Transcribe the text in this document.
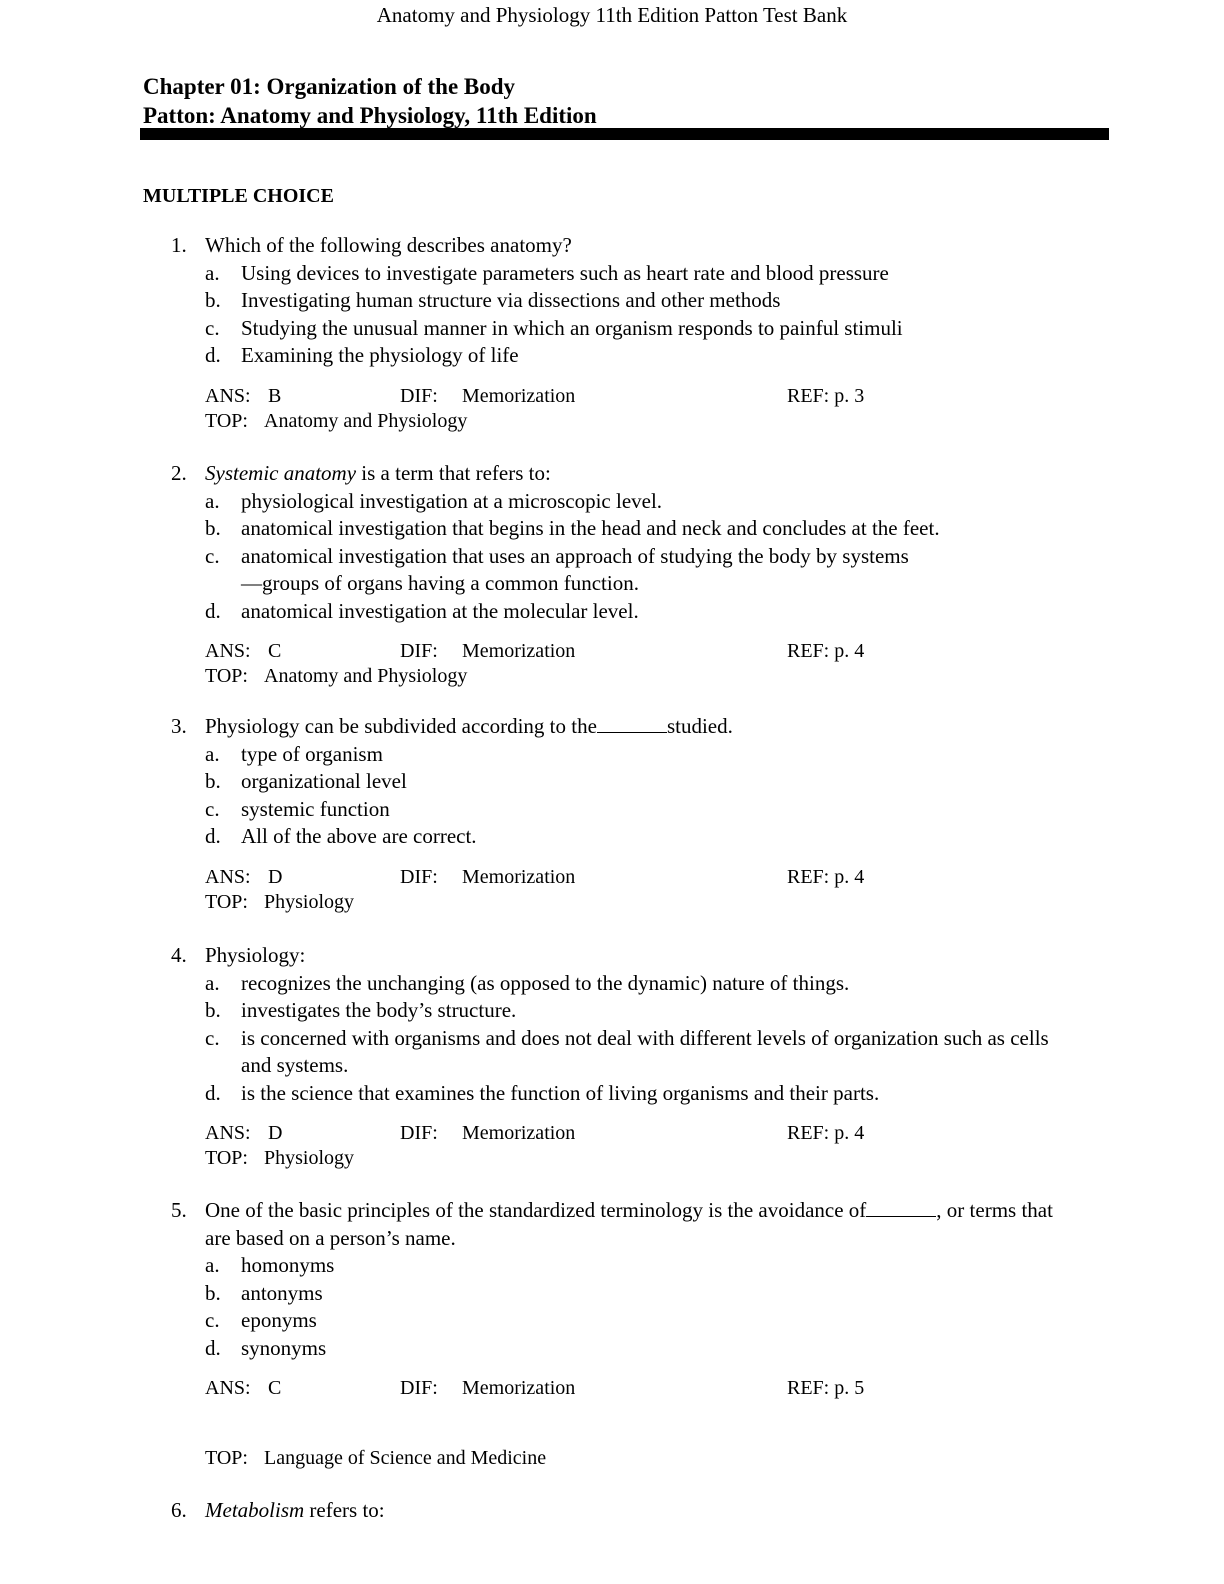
Anatomy and Physiology 11th Edition Patton Test Bank
Chapter 01: Organization of the Body
Patton: Anatomy and Physiology, 11th Edition
MULTIPLE CHOICE
1. Which of the following describes anatomy?
a. Using devices to investigate parameters such as heart rate and blood pressure
b. Investigating human structure via dissections and other methods
c. Studying the unusual manner in which an organism responds to painful stimuli
d. Examining the physiology of life
ANS: B	DIF: Memorization	REF: p. 3
TOP: Anatomy and Physiology
2. Systemic anatomy is a term that refers to:
a. physiological investigation at a microscopic level.
b. anatomical investigation that begins in the head and neck and concludes at the feet.
c. anatomical investigation that uses an approach of studying the body by systems—groups of organs having a common function.
d. anatomical investigation at the molecular level.
ANS: C	DIF: Memorization	REF: p. 4
TOP: Anatomy and Physiology
3. Physiology can be subdivided according to the	studied.
a. type of organism
b. organizational level
c. systemic function
d. All of the above are correct.
ANS: D	DIF: Memorization	REF: p. 4
TOP: Physiology
4. Physiology:
a. recognizes the unchanging (as opposed to the dynamic) nature of things.
b. investigates the body’s structure.
c. is concerned with organisms and does not deal with different levels of organization such as cells and systems.
d. is the science that examines the function of living organisms and their parts.
ANS: D	DIF: Memorization	REF: p. 4
TOP: Physiology
5. One of the basic principles of the standardized terminology is the avoidance of	, or terms that are based on a person’s name.
a. homonyms
b. antonyms
c. eponyms
d. synonyms
ANS: C	DIF: Memorization	REF: p. 5
TOP: Language of Science and Medicine
6. Metabolism refers to:
